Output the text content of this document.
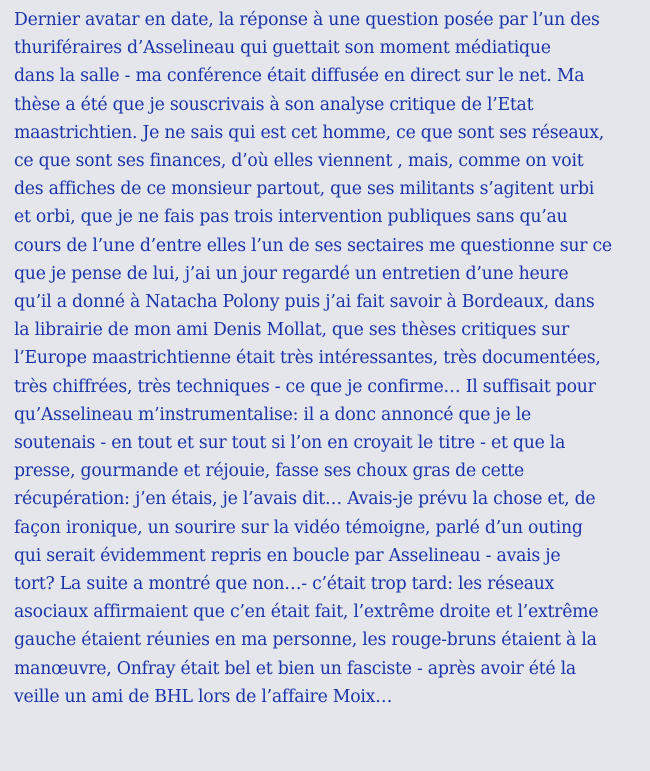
Dernier avatar en date, la réponse à une question posée par l’un des
thuriféraires d’Asselineau qui guettait son moment médiatique
dans la salle - ma conférence était diffusée en direct sur le net. Ma
thèse a été que je souscrivais à son analyse critique de l’Etat
maastrichtien. Je ne sais qui est cet homme, ce que sont ses réseaux,
ce que sont ses finances, d’où elles viennent , mais, comme on voit
des affiches de ce monsieur partout, que ses militants s’agitent urbi
et orbi, que je ne fais pas trois intervention publiques sans qu’au
cours de l’une d’entre elles l’un de ses sectaires me questionne sur ce
que je pense de lui, j’ai un jour regardé un entretien d’une heure
qu’il a donné à Natacha Polony puis j’ai fait savoir à Bordeaux, dans
la librairie de mon ami Denis Mollat, que ses thèses critiques sur
l’Europe maastrichtienne était très intéressantes, très documentées,
très chiffrées, très techniques - ce que je confirme… Il suffisait pour
qu’Asselineau m’instrumentalise: il a donc annoncé que je le
soutenais - en tout et sur tout si l’on en croyait le titre - et que la
presse, gourmande et réjouie, fasse ses choux gras de cette
récupération: j’en étais, je l’avais dit… Avais-je prévu la chose et, de
façon ironique, un sourire sur la vidéo témoigne, parlé d’un outing
qui serait évidemment repris en boucle par Asselineau - avais je
tort? La suite a montré que non…- c’était trop tard: les réseaux
asociaux affirmaient que c’en était fait, l’extrême droite et l’extrême
gauche étaient réunies en ma personne, les rouge-bruns étaient à la
manœuvre, Onfray était bel et bien un fasciste - après avoir été la
veille un ami de BHL lors de l’affaire Moix…
